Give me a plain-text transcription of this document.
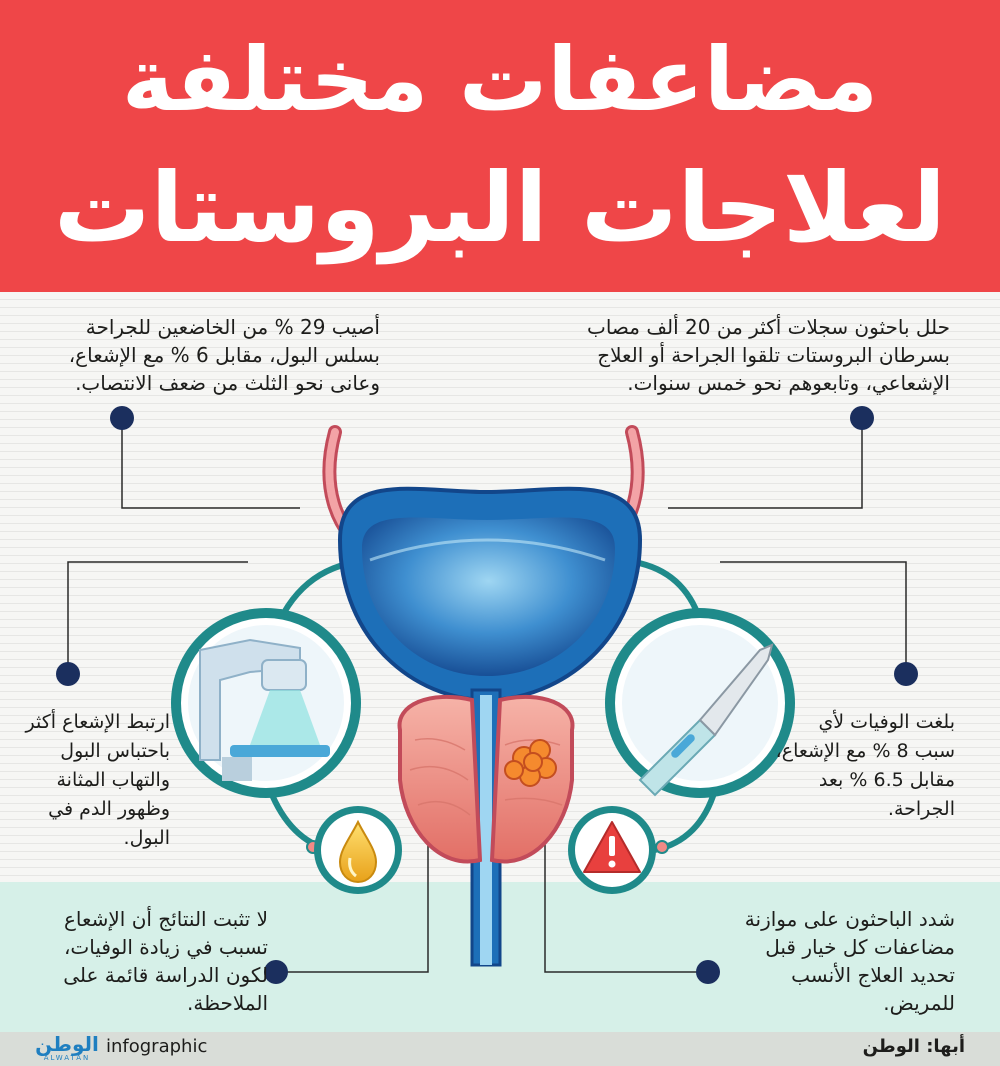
مضاعفات مختلفة
لعلاجات البروستات
حلل باحثون سجلات أكثر من 20 ألف مصاب بسرطان البروستات تلقوا الجراحة أو العلاج الإشعاعي، وتابعوهم نحو خمس سنوات.
أصيب 29 % من الخاضعين للجراحة بسلس البول، مقابل 6 % مع الإشعاع، وعانى نحو الثلث من ضعف الانتصاب.
بلغت الوفيات لأي سبب 8 % مع الإشعاع، مقابل 6.5 % بعد الجراحة.
ارتبط الإشعاع أكثر باحتباس البول والتهاب المثانة وظهور الدم في البول.
شدد الباحثون على موازنة مضاعفات كل خيار قبل تحديد العلاج الأنسب للمريض.
لا تثبت النتائج أن الإشعاع تسبب في زيادة الوفيات، لكون الدراسة قائمة على الملاحظة.
الوطن
ALWATAN
infographic	أبها: الوطن
